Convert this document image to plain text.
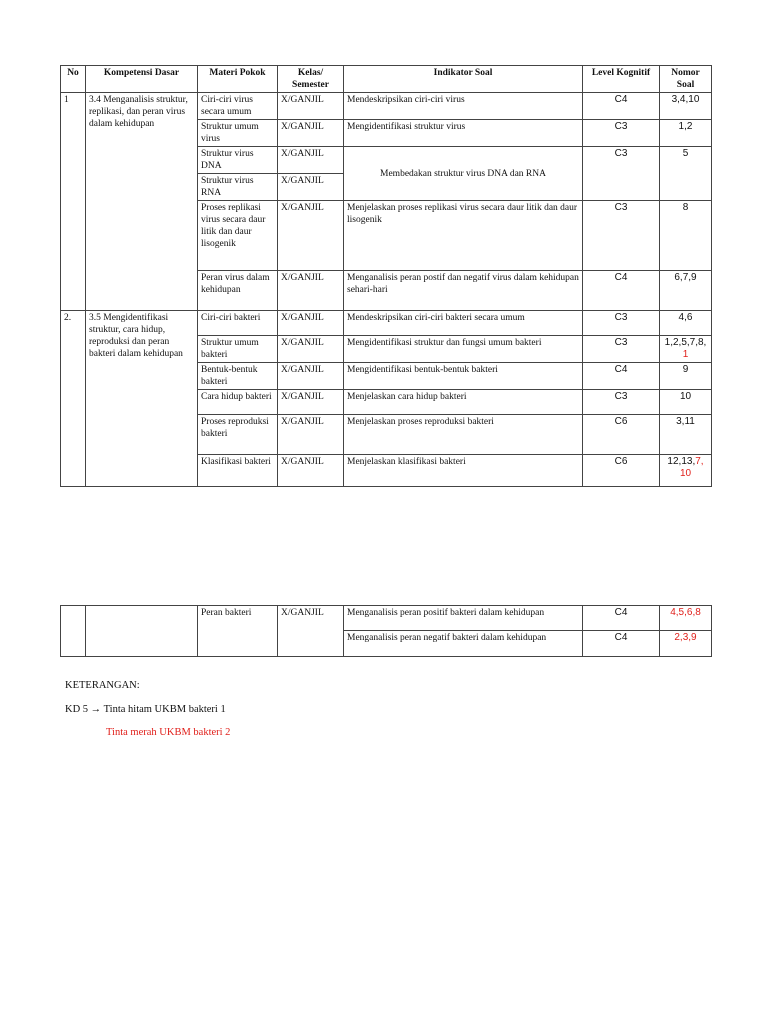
No	Kompetensi Dasar	Materi Pokok	Kelas/ Semester	Indikator Soal	Level Kognitif	Nomor Soal
1	3.4 Menganalisis struktur, replikasi, dan peran virus dalam kehidupan	Ciri-ciri virus secara umum	X/GANJIL	Mendeskripsikan ciri-ciri virus	C4	3,4,10
		Struktur umum virus	X/GANJIL	Mengidentifikasi struktur virus	C3	1,2
		Struktur virus DNA	X/GANJIL	Membedakan struktur virus DNA dan RNA	C3	5
		Struktur virus RNA	X/GANJIL			
		Proses replikasi virus secara daur litik dan daur lisogenik	X/GANJIL	Menjelaskan proses replikasi virus secara daur litik dan daur lisogenik	C3	8
		Peran virus dalam kehidupan	X/GANJIL	Menganalisis peran postif dan negatif virus dalam kehidupan sehari-hari	C4	6,7,9
2.	3.5 Mengidentifikasi struktur, cara hidup, reproduksi dan peran bakteri dalam kehidupan	Ciri-ciri bakteri	X/GANJIL	Mendeskripsikan ciri-ciri bakteri secara umum	C3	4,6
		Struktur umum bakteri	X/GANJIL	Mengidentifikasi struktur dan fungsi umum bakteri	C3	1,2,5,7,8, 1
		Bentuk-bentuk bakteri	X/GANJIL	Mengidentifikasi bentuk-bentuk bakteri	C4	9
		Cara hidup bakteri	X/GANJIL	Menjelaskan cara hidup bakteri	C3	10
		Proses reproduksi bakteri	X/GANJIL	Menjelaskan proses reproduksi bakteri	C6	3,11
		Klasifikasi bakteri	X/GANJIL	Menjelaskan klasifikasi bakteri	C6	12,13,7, 10
		Peran bakteri	X/GANJIL	Menganalisis peran positif bakteri dalam kehidupan	C4	4,5,6,8
				Menganalisis peran negatif bakteri dalam kehidupan	C4	2,3,9
KETERANGAN:
KD 5 → Tinta hitam UKBM bakteri 1
Tinta merah UKBM bakteri 2
